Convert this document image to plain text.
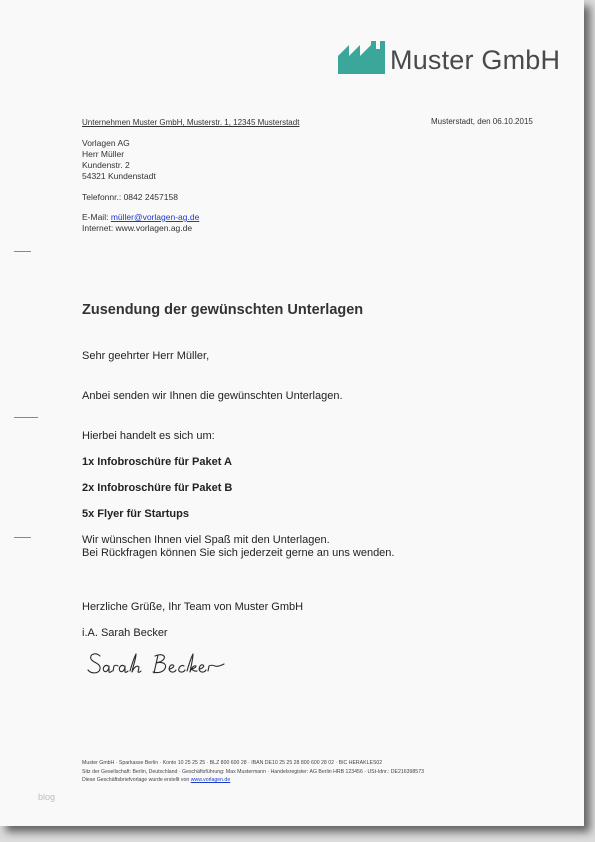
Muster GmbH
Unternehmen Muster GmbH, Musterstr. 1, 12345 Musterstadt	Musterstadt, den 06.10.2015
Vorlagen AG
Herr Müller
Kundenstr. 2
54321 Kundenstadt
Telefonnr.: 0842 2457158
E-Mail: müller@vorlagen-ag.de
Internet: www.vorlagen.ag.de
Zusendung der gewünschten Unterlagen
Sehr geehrter Herr Müller,
Anbei senden wir Ihnen die gewünschten Unterlagen.
Hierbei handelt es sich um:
1x Infobroschüre für Paket A
2x Infobroschüre für Paket B
5x Flyer für Startups
Wir wünschen Ihnen viel Spaß mit den Unterlagen.
Bei Rückfragen können Sie sich jederzeit gerne an uns wenden.
Herzliche Grüße, Ihr Team von Muster GmbH
i.A. Sarah Becker
Muster GmbH · Sparkasse Berlin · Konto 10 25 25 25 · BLZ 800 600 28 · IBAN DE10 25 25 28 800 600 28 02 · BIC HERAKLES02
Sitz der Gesellschaft: Berlin, Deutschland · Geschäftsführung: Max Mustermann · Handelsregister: AG Berlin HRB 123456 · USt-Idnr.: DE216398573
Diese Geschäftsbriefvorlage wurde erstellt von www.vorlagen.de
blog
